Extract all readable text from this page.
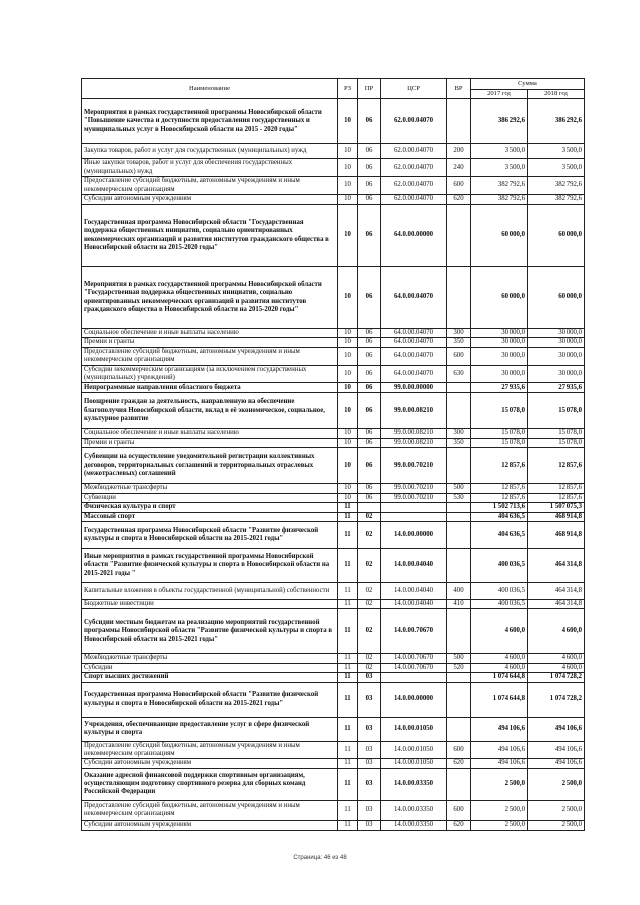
Наименование	РЗ	ПР	ЦСР	ВР	Сумма	
					2017 год	2018 год
Мероприятия в рамках государственной программы Новосибирской области "Повышение качества и доступности предоставления государственных и муниципальных услуг в Новосибирской области на 2015 - 2020 годы"	10	06	62.0.00.04070		386 292,6	386 292,6
Закупка товаров, работ и услуг для государственных (муниципальных) нужд	10	06	62.0.00.04070	200	3 500,0	3 500,0
Иные закупки товаров, работ и услуг для обеспечения государственных (муниципальных) нужд	10	06	62.0.00.04070	240	3 500,0	3 500,0
Предоставление субсидий бюджетным, автономным учреждениям и иным некоммерческим организациям	10	06	62.0.00.04070	600	382 792,6	382 792,6
Субсидии автономным учреждениям	10	06	62.0.00.04070	620	382 792,6	382 792,6
Государственная программа Новосибирской области "Государственная поддержка общественных инициатив, социально ориентированных некоммерческих организаций и развития институтов гражданского общества в Новосибирской области на 2015-2020 годы"	10	06	64.0.00.00000		60 000,0	60 000,0
Мероприятия в рамках государственной программы Новосибирской области "Государственная поддержка общественных инициатив, социально ориентированных некоммерческих организаций и развития институтов гражданского общества в Новосибирской области на 2015-2020 годы"	10	06	64.0.00.04070		60 000,0	60 000,0
Социальное обеспечение и иные выплаты населению	10	06	64.0.00.04070	300	30 000,0	30 000,0
Премии и гранты	10	06	64.0.00.04070	350	30 000,0	30 000,0
Предоставление субсидий бюджетным, автономным учреждениям и иным некоммерческим организациям	10	06	64.0.00.04070	600	30 000,0	30 000,0
Субсидии некоммерческим организациям (за исключением государственных (муниципальных) учреждений)	10	06	64.0.00.04070	630	30 000,0	30 000,0
Непрограммные направления областного бюджета	10	06	99.0.00.00000		27 935,6	27 935,6
Поощрение граждан за деятельность, направленную на обеспечение благополучия Новосибирской области, вклад в её экономическое, социальное, культурное развитие	10	06	99.0.00.08210		15 078,0	15 078,0
Социальное обеспечение и иные выплаты населению	10	06	99.0.00.08210	300	15 078,0	15 078,0
Премии и гранты	10	06	99.0.00.08210	350	15 078,0	15 078,0
Субвенции на осуществление уведомительной регистрации коллективных договоров, территориальных соглашений и территориальных отраслевых (межотраслевых) соглашений	10	06	99.0.00.70210		12 857,6	12 857,6
Межбюджетные трансферты	10	06	99.0.00.70210	500	12 857,6	12 857,6
Субвенции	10	06	99.0.00.70210	530	12 857,6	12 857,6
Физическая культура и спорт	11				1 502 713,6	1 507 075,3
Массовый спорт	11	02			404 636,5	468 914,8
Государственная программа Новосибирской области "Развитие физической культуры и спорта в Новосибирской области на 2015-2021 годы"	11	02	14.0.00.00000		404 636,5	468 914,8
Иные мероприятия в рамках государственной программы Новосибирской области "Развитие физической культуры и спорта в Новосибирской области на 2015-2021 годы "	11	02	14.0.00.04040		400 036,5	464 314,8
Капитальные вложения в объекты государственной (муниципальной) собственности	11	02	14.0.00.04040	400	400 036,5	464 314,8
Бюджетные инвестиции	11	02	14.0.00.04040	410	400 036,5	464 314,8
Субсидии местным бюджетам на реализацию мероприятий государственной программы Новосибирской области "Развитие физической культуры и спорта в Новосибирской области на 2015-2021 годы"	11	02	14.0.00.70670		4 600,0	4 600,0
Межбюджетные трансферты	11	02	14.0.00.70670	500	4 600,0	4 600,0
Субсидии	11	02	14.0.00.70670	520	4 600,0	4 600,0
Спорт высших достижений	11	03			1 074 644,8	1 074 728,2
Государственная программа Новосибирской области "Развитие физической культуры и спорта в Новосибирской области на 2015-2021 годы"	11	03	14.0.00.00000		1 074 644,8	1 074 728,2
Учреждения, обеспечивающие предоставление услуг в сфере физической культуры и спорта	11	03	14.0.00.01050		494 106,6	494 106,6
Предоставление субсидий бюджетным, автономным учреждениям и иным некоммерческим организациям	11	03	14.0.00.01050	600	494 106,6	494 106,6
Субсидии автономным учреждениям	11	03	14.0.00.01050	620	494 106,6	494 106,6
Оказание адресной финансовой поддержки спортивным организациям, осуществляющим подготовку спортивного резерва для сборных команд Российской Федерации	11	03	14.0.00.03350		2 500,0	2 500,0
Предоставление субсидий бюджетным, автономным учреждениям и иным некоммерческим организациям	11	03	14.0.00.03350	600	2 500,0	2 500,0
Субсидии автономным учреждениям	11	03	14.0.00.03350	620	2 500,0	2 500,0
Страница: 46 из 48
